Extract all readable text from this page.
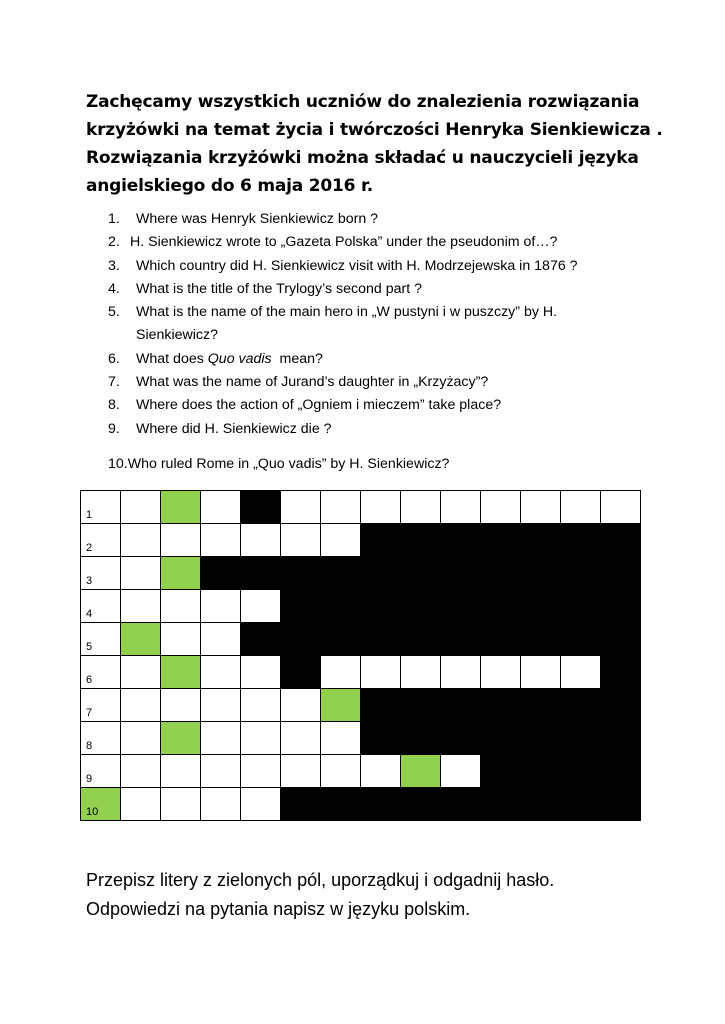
Zachęcamy wszystkich uczniów do znalezienia rozwiązania

krzyżówki na temat życia i twórczości Henryka Sienkiewicza .

Rozwiązania krzyżówki można składać u nauczycieli języka

angielskiego do 6 maja 2016 r.

1. Where was Henryk Sienkiewicz born ?
2. H. Sienkiewicz wrote to „Gazeta Polska” under the pseudonim of…?
3. Which country did H. Sienkiewicz visit with H. Modrzejewska in 1876 ?
4. What is the title of the Trylogy’s second part ?
5. What is the name of the main hero in „W pustyni i w puszczy” by H.
Sienkiewicz?
6. What does Quo vadis  mean?
7. What was the name of Jurand’s daughter in „Krzyżacy”?
8. Where does the action of „Ogniem i mieczem” take place?
9. Where did H. Sienkiewicz die ?
10.Who ruled Rome in „Quo vadis” by H. Sienkiewicz?
1
2
3
4
5
6
7
8
9
10

Przepisz litery z zielonych pól, uporządkuj i odgadnij hasło.

Odpowiedzi na pytania napisz w języku polskim.
